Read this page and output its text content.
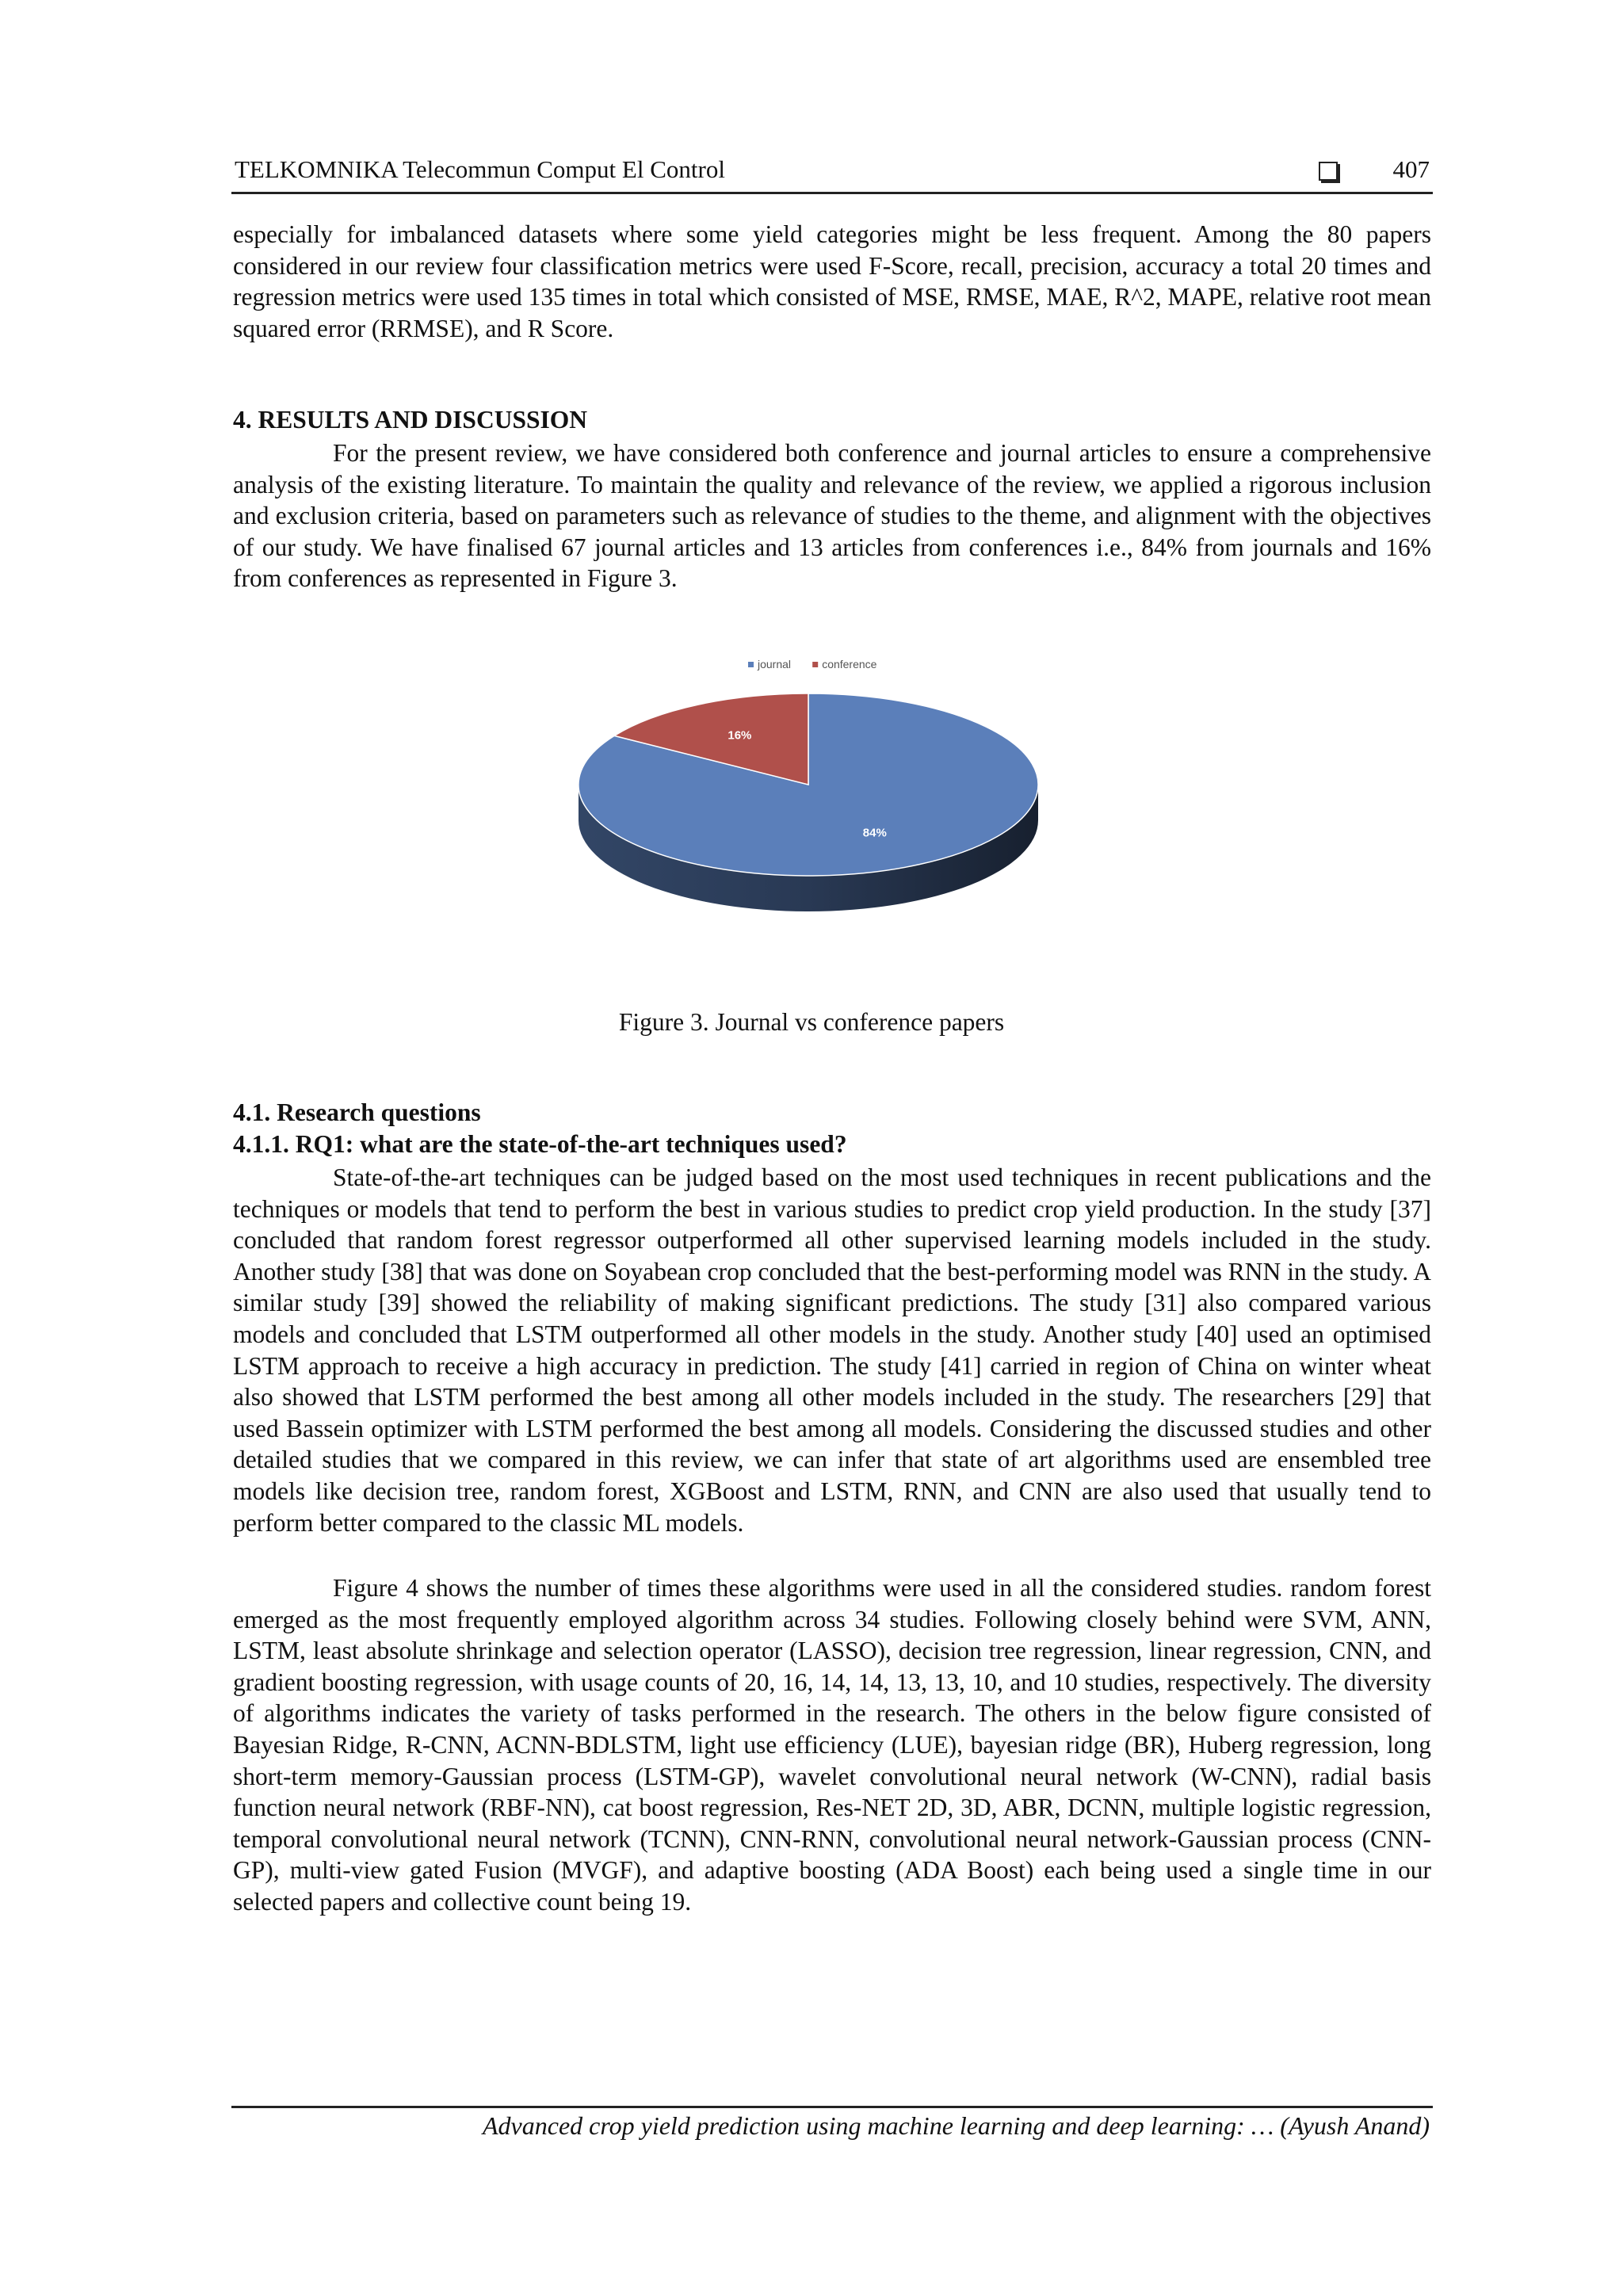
TELKOMNIKA Telecommun Comput El Control	407

especially for imbalanced datasets where some yield categories might be less frequent. Among the 80 papers considered in our review four classification metrics were used F-Score, recall, precision, accuracy a total 20 times and regression metrics were used 135 times in total which consisted of MSE, RMSE, MAE, R^2, MAPE, relative root mean squared error (RRMSE), and R Score.

4. RESULTS AND DISCUSSION

For the present review, we have considered both conference and journal articles to ensure a comprehensive analysis of the existing literature. To maintain the quality and relevance of the review, we applied a rigorous inclusion and exclusion criteria, based on parameters such as relevance of studies to the theme, and alignment with the objectives of our study. We have finalised 67 journal articles and 13 articles from conferences i.e., 84% from journals and 16% from conferences as represented in Figure 3.

journal	conference
84%
16%
Figure 3. Journal vs conference papers

4.1. Research questions

4.1.1. RQ1: what are the state-of-the-art techniques used?

State-of-the-art techniques can be judged based on the most used techniques in recent publications and the techniques or models that tend to perform the best in various studies to predict crop yield production. In the study [37] concluded that random forest regressor outperformed all other supervised learning models included in the study. Another study [38] that was done on Soyabean crop concluded that the best-performing model was RNN in the study. A similar study [39] showed the reliability of making significant predictions. The study [31] also compared various models and concluded that LSTM outperformed all other models in the study. Another study [40] used an optimised LSTM approach to receive a high accuracy in prediction. The study [41] carried in region of China on winter wheat also showed that LSTM performed the best among all other models included in the study. The researchers [29] that used Bassein optimizer with LSTM performed the best among all models. Considering the discussed studies and other detailed studies that we compared in this review, we can infer that state of art algorithms used are ensembled tree models like decision tree, random forest, XGBoost and LSTM, RNN, and CNN are also used that usually tend to perform better compared to the classic ML models.

Figure 4 shows the number of times these algorithms were used in all the considered studies. random forest emerged as the most frequently employed algorithm across 34 studies. Following closely behind were SVM, ANN, LSTM, least absolute shrinkage and selection operator (LASSO), decision tree regression, linear regression, CNN, and gradient boosting regression, with usage counts of 20, 16, 14, 14, 13, 13, 10, and 10 studies, respectively. The diversity of algorithms indicates the variety of tasks performed in the research. The others in the below figure consisted of Bayesian Ridge, R-CNN, ACNN-BDLSTM, light use efficiency (LUE), bayesian ridge (BR), Huberg regression, long short-term memory-Gaussian process (LSTM-GP), wavelet convolutional neural network (W-CNN), radial basis function neural network (RBF-NN), cat boost regression, Res-NET 2D, 3D, ABR, DCNN, multiple logistic regression, temporal convolutional neural network (TCNN), CNN-RNN, convolutional neural network-Gaussian process (CNN-GP), multi-view gated Fusion (MVGF), and adaptive boosting (ADA Boost) each being used a single time in our selected papers and collective count being 19.

Advanced crop yield prediction using machine learning and deep learning: … (Ayush Anand)
